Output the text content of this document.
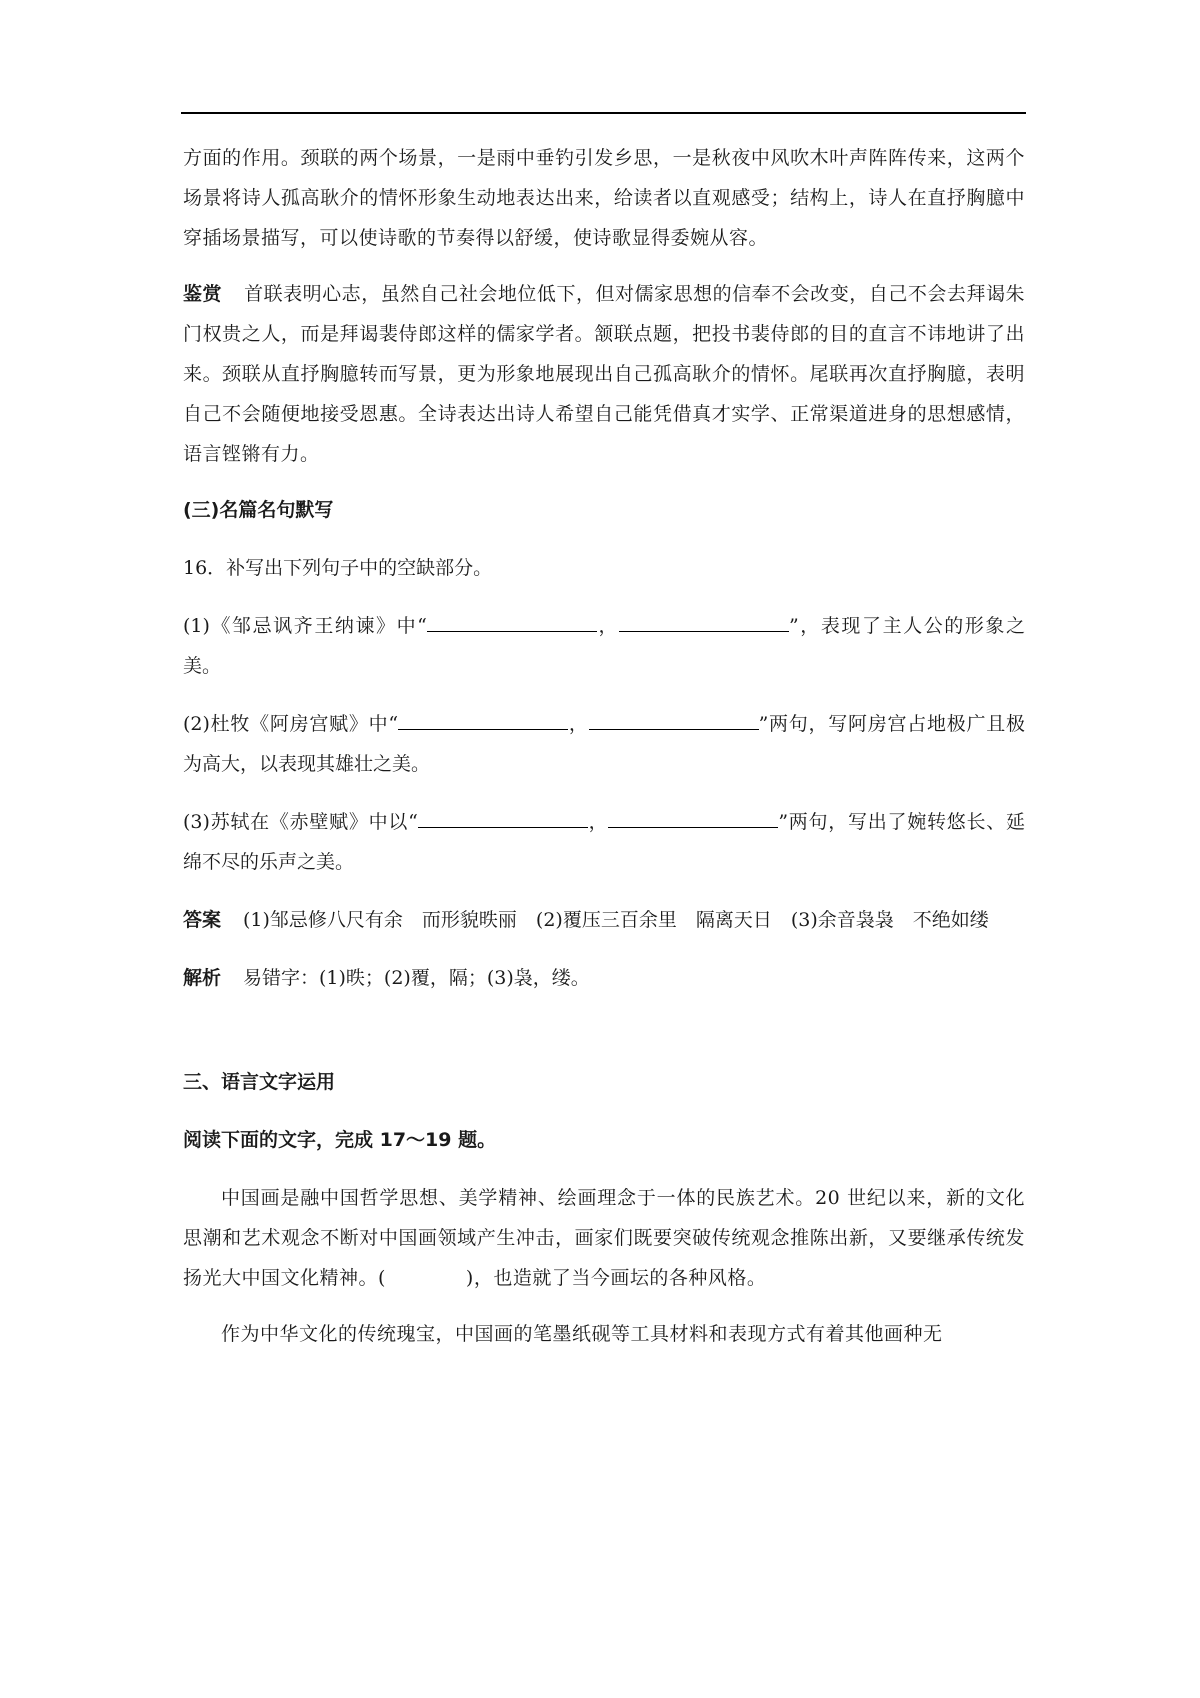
方面的作用。颈联的两个场景，一是雨中垂钓引发乡思，一是秋夜中风吹木叶声阵阵传来，这两个场景将诗人孤高耿介的情怀形象生动地表达出来，给读者以直观感受；结构上，诗人在直抒胸臆中穿插场景描写，可以使诗歌的节奏得以舒缓，使诗歌显得委婉从容。

鉴赏 首联表明心志，虽然自己社会地位低下，但对儒家思想的信奉不会改变，自己不会去拜谒朱门权贵之人，而是拜谒裴侍郎这样的儒家学者。颔联点题，把投书裴侍郎的目的直言不讳地讲了出来。颈联从直抒胸臆转而写景，更为形象地展现出自己孤高耿介的情怀。尾联再次直抒胸臆，表明自己不会随便地接受恩惠。全诗表达出诗人希望自己能凭借真才实学、正常渠道进身的思想感情，语言铿锵有力。

(三)名篇名句默写

16．补写出下列句子中的空缺部分。

(1)《邹忌讽齐王纳谏》中“	，	”，表现了主人公的形象之美。

(2)杜牧《阿房宫赋》中“	，	”两句，写阿房宫占地极广且极为高大，以表现其雄壮之美。

(3)苏轼在《赤壁赋》中以“	，	”两句，写出了婉转悠长、延绵不尽的乐声之美。

答案 (1)邹忌修八尺有余　而形貌昳丽　(2)覆压三百余里　隔离天日　(3)余音袅袅　不绝如缕

解析 易错字：(1)昳；(2)覆，隔；(3)袅，缕。

三、语言文字运用

阅读下面的文字，完成 17～19 题。

中国画是融中国哲学思想、美学精神、绘画理念于一体的民族艺术。20 世纪以来，新的文化思潮和艺术观念不断对中国画领域产生冲击，画家们既要突破传统观念推陈出新，又要继承传统发扬光大中国文化精神。(	)，也造就了当今画坛的各种风格。

作为中华文化的传统瑰宝，中国画的笔墨纸砚等工具材料和表现方式有着其他画种无
